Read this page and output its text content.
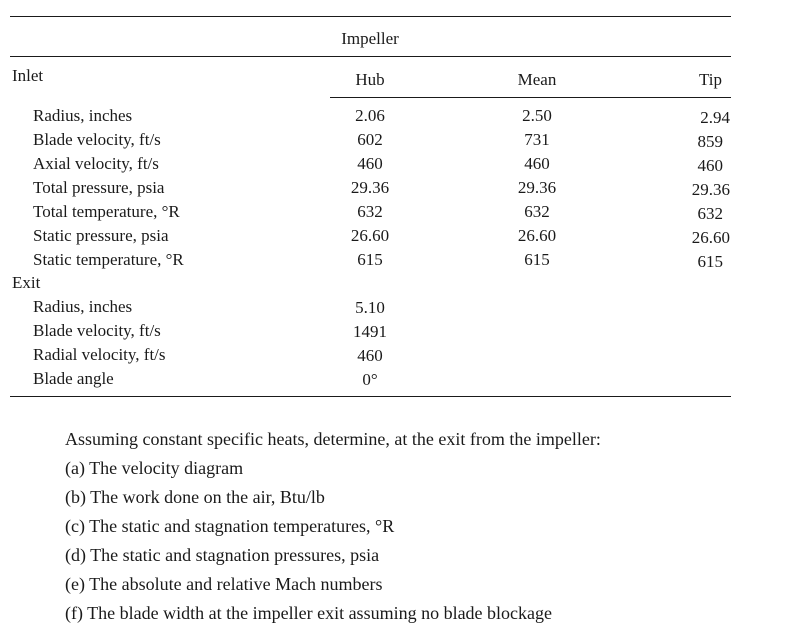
Impeller
Inlet	Hub	Mean	Tip
Radius, inches	2.06	2.50	2.94
Blade velocity, ft/s	602	731	859
Axial velocity, ft/s	460	460	460
Total pressure, psia	29.36	29.36	29.36
Total temperature, °R	632	632	632
Static pressure, psia	26.60	26.60	26.60
Static temperature, °R	615	615	615
Exit
Radius, inches	5.10
Blade velocity, ft/s	1491
Radial velocity, ft/s	460
Blade angle	0°
Assuming constant specific heats, determine, at the exit from the impeller:
(a) The velocity diagram
(b) The work done on the air, Btu/lb
(c) The static and stagnation temperatures, °R
(d) The static and stagnation pressures, psia
(e) The absolute and relative Mach numbers
(f) The blade width at the impeller exit assuming no blade blockage
